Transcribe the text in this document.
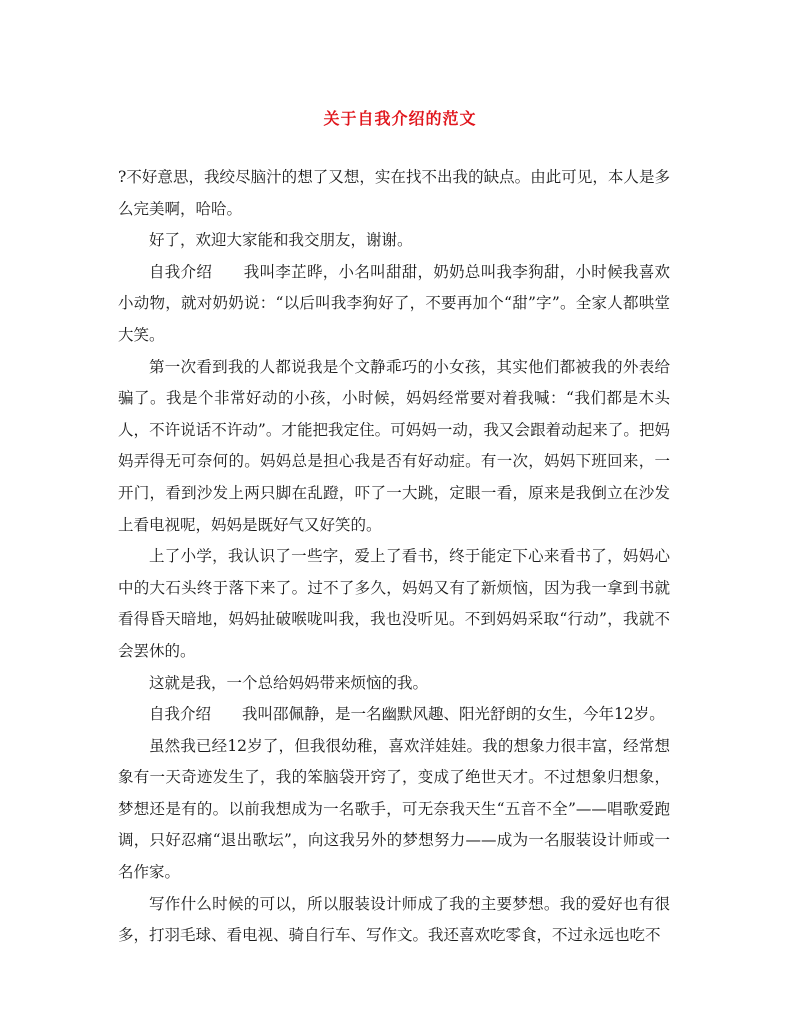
关于自我介绍的范文

?不好意思，我绞尽脑汁的想了又想，实在找不出我的缺点。由此可见，本人是多么完美啊，哈哈。

好了，欢迎大家能和我交朋友，谢谢。

自我介绍　　我叫李芷晔，小名叫甜甜，奶奶总叫我李狗甜，小时候我喜欢小动物，就对奶奶说：“以后叫我李狗好了，不要再加个“甜”字”。全家人都哄堂大笑。

第一次看到我的人都说我是个文静乖巧的小女孩，其实他们都被我的外表给骗了。我是个非常好动的小孩，小时候，妈妈经常要对着我喊：“我们都是木头人，不许说话不许动”。才能把我定住。可妈妈一动，我又会跟着动起来了。把妈妈弄得无可奈何的。妈妈总是担心我是否有好动症。有一次，妈妈下班回来，一开门，看到沙发上两只脚在乱蹬，吓了一大跳，定眼一看，原来是我倒立在沙发上看电视呢，妈妈是既好气又好笑的。

上了小学，我认识了一些字，爱上了看书，终于能定下心来看书了，妈妈心中的大石头终于落下来了。过不了多久，妈妈又有了新烦恼，因为我一拿到书就看得昏天暗地，妈妈扯破喉咙叫我，我也没听见。不到妈妈采取“行动”，我就不会罢休的。

这就是我，一个总给妈妈带来烦恼的我。

自我介绍　　我叫邵佩静，是一名幽默风趣、阳光舒朗的女生，今年12岁。

虽然我已经12岁了，但我很幼稚，喜欢洋娃娃。我的想象力很丰富，经常想象有一天奇迹发生了，我的笨脑袋开窍了，变成了绝世天才。不过想象归想象，梦想还是有的。以前我想成为一名歌手，可无奈我天生“五音不全”——唱歌爱跑调，只好忍痛“退出歌坛”，向这我另外的梦想努力——成为一名服装设计师或一名作家。

写作什么时候的可以，所以服装设计师成了我的主要梦想。我的爱好也有很多，打羽毛球、看电视、骑自行车、写作文。我还喜欢吃零食，不过永远也吃不
